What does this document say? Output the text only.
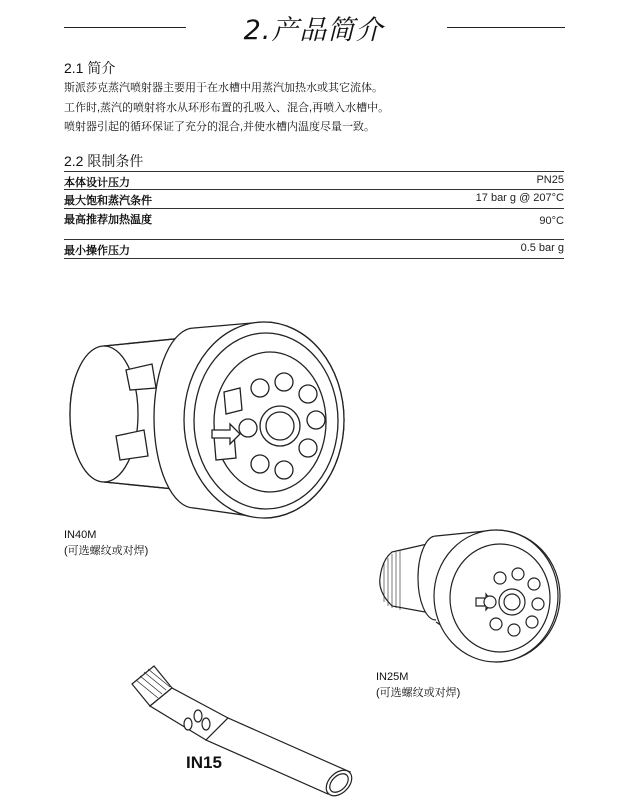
2.产品简介
2.1 简介
斯派莎克蒸汽喷射器主要用于在水槽中用蒸汽加热水或其它流体。
工作时,蒸汽的喷射将水从环形布置的孔吸入、混合,再喷入水槽中。
喷射器引起的循环保证了充分的混合,并使水槽内温度尽量一致。
2.2 限制条件
本体设计压力	PN25
最大饱和蒸汽条件	17 bar g @ 207°C
最高推荐加热温度	90°C
最小操作压力	0.5 bar g
IN40M
(可选螺纹或对焊)
IN25M
(可选螺纹或对焊)
IN15
